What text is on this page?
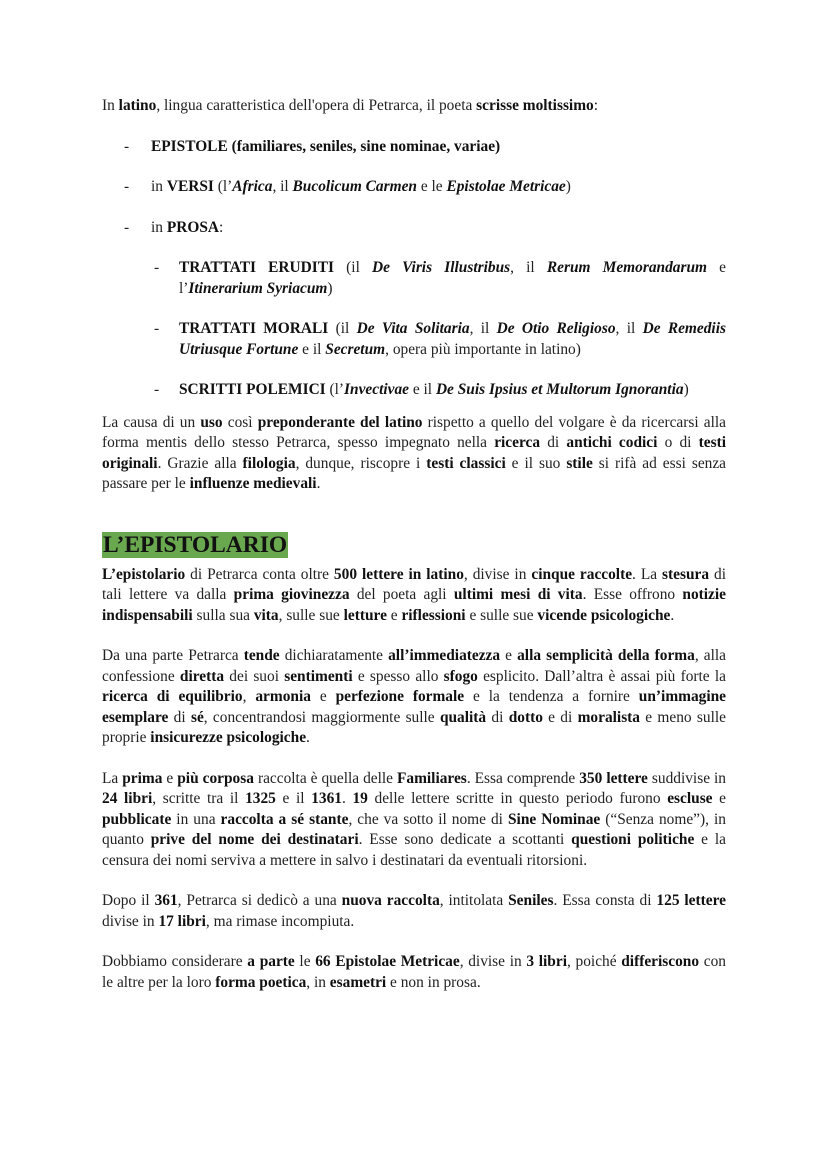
In latino, lingua caratteristica dell'opera di Petrarca, il poeta scrisse moltissimo:

- EPISTOLE (familiares, seniles, sine nominae, variae)

- in VERSI (l’Africa, il Bucolicum Carmen e le Epistolae Metricae)

- in PROSA:

- TRATTATI ERUDITI (il De Viris Illustribus, il Rerum Memorandarum e l’Itinerarium Syriacum)

- TRATTATI MORALI (il De Vita Solitaria, il De Otio Religioso, il De Remediis Utriusque Fortune e il Secretum, opera più importante in latino)

- SCRITTI POLEMICI (l’Invectivae e il De Suis Ipsius et Multorum Ignorantia)

La causa di un uso così preponderante del latino rispetto a quello del volgare è da ricercarsi alla forma mentis dello stesso Petrarca, spesso impegnato nella ricerca di antichi codici o di testi originali. Grazie alla filologia, dunque, riscopre i testi classici e il suo stile si rifà ad essi senza passare per le influenze medievali.

L’EPISTOLARIO

L’epistolario di Petrarca conta oltre 500 lettere in latino, divise in cinque raccolte. La stesura di tali lettere va dalla prima giovinezza del poeta agli ultimi mesi di vita. Esse offrono notizie indispensabili sulla sua vita, sulle sue letture e riflessioni e sulle sue vicende psicologiche.

Da una parte Petrarca tende dichiaratamente all’immediatezza e alla semplicità della forma, alla confessione diretta dei suoi sentimenti e spesso allo sfogo esplicito. Dall’altra è assai più forte la ricerca di equilibrio, armonia e perfezione formale e la tendenza a fornire un’immagine esemplare di sé, concentrandosi maggiormente sulle qualità di dotto e di moralista e meno sulle proprie insicurezze psicologiche.

La prima e più corposa raccolta è quella delle Familiares. Essa comprende 350 lettere suddivise in 24 libri, scritte tra il 1325 e il 1361. 19 delle lettere scritte in questo periodo furono escluse e pubblicate in una raccolta a sé stante, che va sotto il nome di Sine Nominae (“Senza nome”), in quanto prive del nome dei destinatari. Esse sono dedicate a scottanti questioni politiche e la censura dei nomi serviva a mettere in salvo i destinatari da eventuali ritorsioni.

Dopo il 361, Petrarca si dedicò a una nuova raccolta, intitolata Seniles. Essa consta di 125 lettere divise in 17 libri, ma rimase incompiuta.

Dobbiamo considerare a parte le 66 Epistolae Metricae, divise in 3 libri, poiché differiscono con le altre per la loro forma poetica, in esametri e non in prosa.
